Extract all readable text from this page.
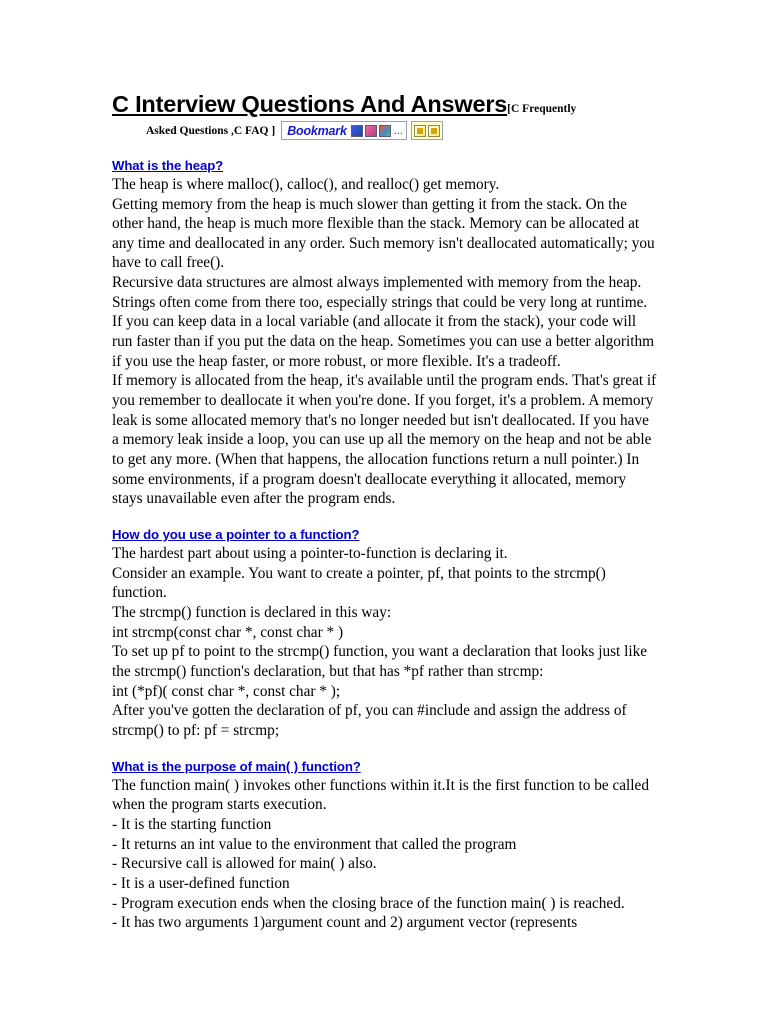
C Interview Questions And Answers[C Frequently
Asked Questions ,C FAQ ] Bookmark	...
What is the heap?

The heap is where malloc(), calloc(), and realloc() get memory.

Getting memory from the heap is much slower than getting it from the stack. On the other hand, the heap is much more flexible than the stack. Memory can be allocated at any time and deallocated in any order. Such memory isn't deallocated automatically; you have to call free().

Recursive data structures are almost always implemented with memory from the heap. Strings often come from there too, especially strings that could be very long at runtime. If you can keep data in a local variable (and allocate it from the stack), your code will run faster than if you put the data on the heap. Sometimes you can use a better algorithm if you use the heap faster, or more robust, or more flexible. It's a tradeoff.

If memory is allocated from the heap, it's available until the program ends. That's great if you remember to deallocate it when you're done. If you forget, it's a problem. A memory leak is some allocated memory that's no longer needed but isn't deallocated. If you have a memory leak inside a loop, you can use up all the memory on the heap and not be able to get any more. (When that happens, the allocation functions return a null pointer.) In some environments, if a program doesn't deallocate everything it allocated, memory stays unavailable even after the program ends.

How do you use a pointer to a function?

The hardest part about using a pointer-to-function is declaring it.

Consider an example. You want to create a pointer, pf, that points to the strcmp() function.

The strcmp() function is declared in this way:

int strcmp(const char *, const char * )

To set up pf to point to the strcmp() function, you want a declaration that looks just like the strcmp() function's declaration, but that has *pf rather than strcmp:

int (*pf)( const char *, const char * );

After you've gotten the declaration of pf, you can #include and assign the address of strcmp() to pf: pf = strcmp;

What is the purpose of main( ) function?

The function main( ) invokes other functions within it.It is the first function to be called when the program starts execution.

- It is the starting function

- It returns an int value to the environment that called the program

- Recursive call is allowed for main( ) also.

- It is a user-defined function

- Program execution ends when the closing brace of the function main( ) is reached.

- It has two arguments 1)argument count and 2) argument vector (represents
